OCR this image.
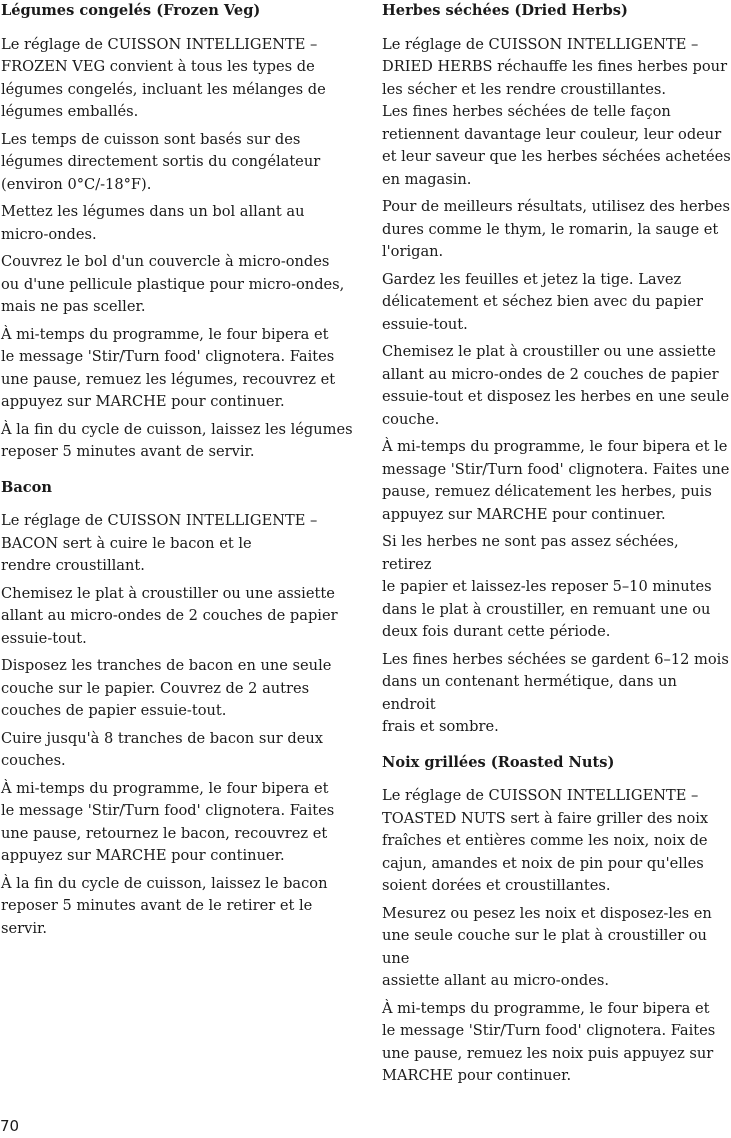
Légumes congelés (Frozen Veg)

Le réglage de CUISSON INTELLIGENTE –
FROZEN VEG convient à tous les types de
légumes congelés, incluant les mélanges de
légumes emballés.

Les temps de cuisson sont basés sur des
légumes directement sortis du congélateur
(environ 0°C/-18°F).

Mettez les légumes dans un bol allant au
micro-ondes.

Couvrez le bol d'un couvercle à micro-ondes
ou d'une pellicule plastique pour micro-ondes,
mais ne pas sceller.

À mi-temps du programme, le four bipera et
le message 'Stir/Turn food' clignotera. Faites
une pause, remuez les légumes, recouvrez et
appuyez sur MARCHE pour continuer.

À la fin du cycle de cuisson, laissez les légumes
reposer 5 minutes avant de servir.

Bacon

Le réglage de CUISSON INTELLIGENTE –
BACON sert à cuire le bacon et le
rendre croustillant.

Chemisez le plat à croustiller ou une assiette
allant au micro-ondes de 2 couches de papier
essuie-tout.

Disposez les tranches de bacon en une seule
couche sur le papier. Couvrez de 2 autres
couches de papier essuie-tout.

Cuire jusqu'à 8 tranches de bacon sur deux
couches.

À mi-temps du programme, le four bipera et
le message 'Stir/Turn food' clignotera. Faites
une pause, retournez le bacon, recouvrez et
appuyez sur MARCHE pour continuer.

À la fin du cycle de cuisson, laissez le bacon
reposer 5 minutes avant de le retirer et le servir.

Herbes séchées (Dried Herbs)

Le réglage de CUISSON INTELLIGENTE –
DRIED HERBS réchauffe les fines herbes pour
les sécher et les rendre croustillantes.
Les fines herbes séchées de telle façon
retiennent davantage leur couleur, leur odeur
et leur saveur que les herbes séchées achetées
en magasin.

Pour de meilleurs résultats, utilisez des herbes
dures comme le thym, le romarin, la sauge et
l'origan.

Gardez les feuilles et jetez la tige. Lavez
délicatement et séchez bien avec du papier
essuie-tout.

Chemisez le plat à croustiller ou une assiette
allant au micro-ondes de 2 couches de papier
essuie-tout et disposez les herbes en une seule
couche.

À mi-temps du programme, le four bipera et le
message 'Stir/Turn food' clignotera. Faites une
pause, remuez délicatement les herbes, puis
appuyez sur MARCHE pour continuer.

Si les herbes ne sont pas assez séchées, retirez
le papier et laissez-les reposer 5–10 minutes
dans le plat à croustiller, en remuant une ou
deux fois durant cette période.

Les fines herbes séchées se gardent 6–12 mois
dans un contenant hermétique, dans un endroit
frais et sombre.

Noix grillées (Roasted Nuts)

Le réglage de CUISSON INTELLIGENTE –
TOASTED NUTS sert à faire griller des noix
fraîches et entières comme les noix, noix de
cajun, amandes et noix de pin pour qu'elles
soient dorées et croustillantes.

Mesurez ou pesez les noix et disposez-les en
une seule couche sur le plat à croustiller ou une
assiette allant au micro-ondes.

À mi-temps du programme, le four bipera et
le message 'Stir/Turn food' clignotera. Faites
une pause, remuez les noix puis appuyez sur
MARCHE pour continuer.

70
